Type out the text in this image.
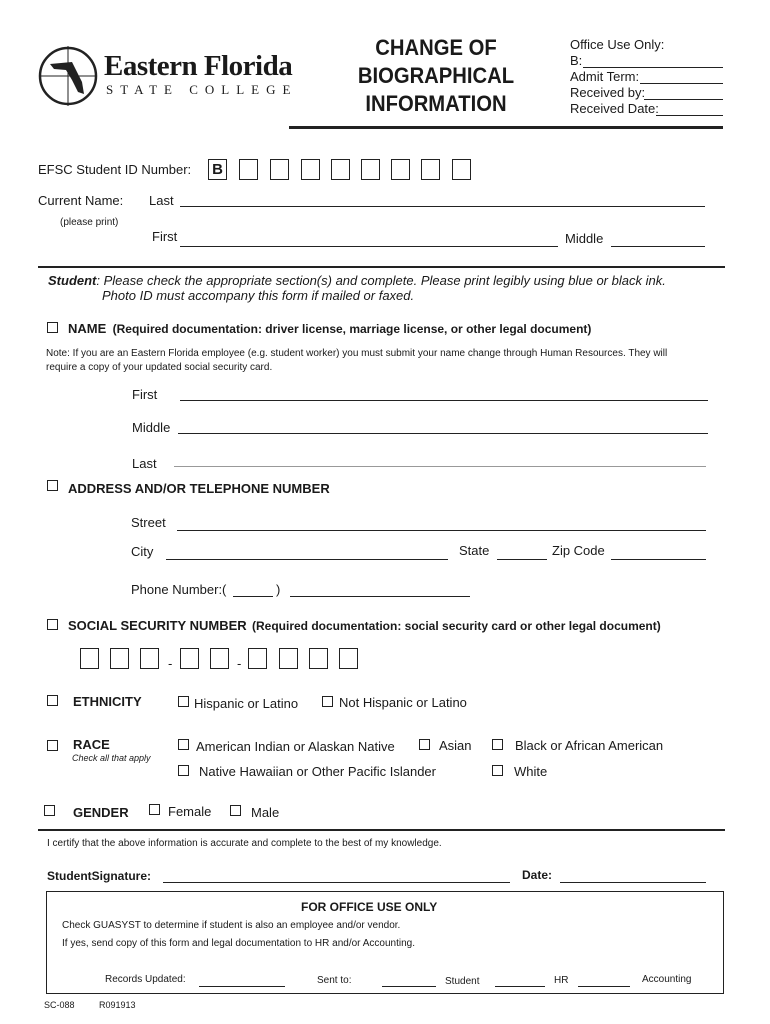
Eastern Florida
STATE COLLEGE
CHANGE OF
BIOGRAPHICAL
INFORMATION
Office Use Only:
B:
Admit Term:
Received by:
Received Date:
EFSC Student ID Number: B
Current Name: Last
(please print)
First	Middle
Student: Please check the appropriate section(s) and complete. Please print legibly using blue or black ink.
Photo ID must accompany this form if mailed or faxed.
NAME (Required documentation: driver license, marriage license, or other legal document)
Note: If you are an Eastern Florida employee (e.g. student worker) you must submit your name change through Human Resources. They will
require a copy of your updated social security card.
First
Middle
Last
ADDRESS AND/OR TELEPHONE NUMBER
Street
City	State	Zip Code
Phone Number:(	)
SOCIAL SECURITY NUMBER (Required documentation: social security card or other legal document)
-	-
ETHNICITY	Hispanic or Latino	Not Hispanic or Latino
RACE
Check all that apply
American Indian or Alaskan Native	Asian	Black or African American
Native Hawaiian or Other Pacific Islander	White
GENDER	Female	Male
I certify that the above information is accurate and complete to the best of my knowledge.
StudentSignature:	Date:
FOR OFFICE USE ONLY
Check GUASYST to determine if student is also an employee and/or vendor.
If yes, send copy of this form and legal documentation to HR and/or Accounting.
Records Updated:	Sent to:	Student	HR	Accounting
SC-088	R091913
